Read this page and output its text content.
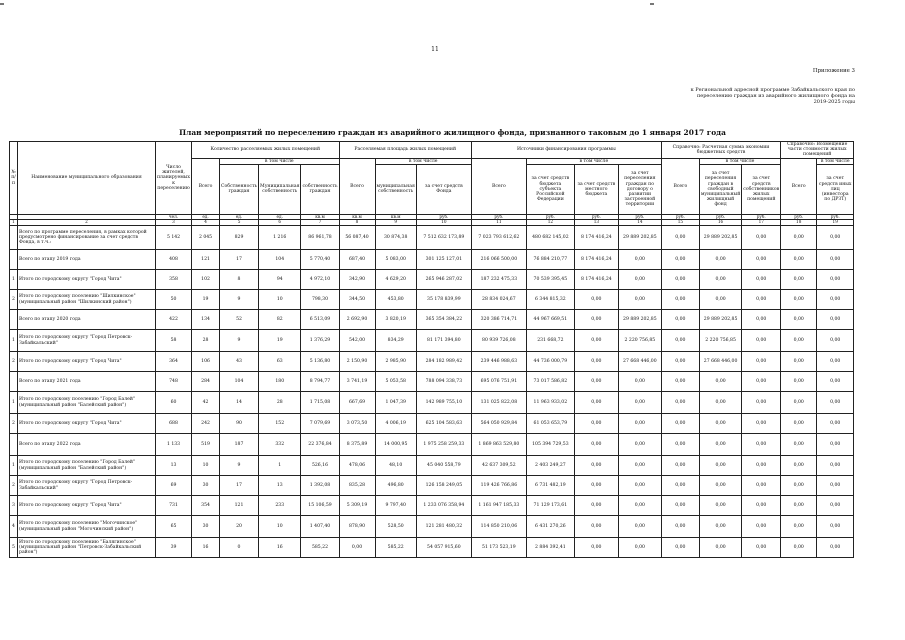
11
Приложение 3
к Региональной адресной программе Забайкальского края по переселению граждан из аварийного жилищного фонда на 2019-2025 годы
План мероприятий по переселению граждан из аварийного жилищного фонда, признанного таковым до 1 января 2017 года
№ п/п	Наименование муниципального образования	Число жителей, планируемых к переселению	Количество расселяемых жилых помещений				Расселяемая площадь жилых помещений			Источники финансирования программы				Справочно: Расчетная сумма экономии бюджетных средств			Справочно: Возмещение части стоимости жилых помещений	
			Всего	в том числе			Всего	в том числе		Всего	в том числе			Всего	в том числе		Всего	в том числе
				Собственность граждан	Муниципальная собственность	собственность граждан		муниципальная собственность	за счет средств Фонда		за счет средств бюджета субъекта Российской Федерации	за счет средств местного бюджета	за счет переселения граждан по договору о развитии застроенной территории		за счет переселения граждан в свободный муниципальный жилищный фонд	за счет средств собственников жилых помещений		за счет средств иных лиц (инвестора по ДРЗТ)
		чел.	ед.	ед.	ед.	кв.м	кв.м	кв.м	руб.	руб.	руб.	руб.	руб.	руб.	руб.	руб.	руб.	руб.
1	2	3	4	5	6	7	8	9	10	11	12	13	14	15	16	17	18	19
	Всего по программе переселения, в рамках которой предусмотрено финансирование за счет средств Фонда, в т.ч.:	5 142	2 045	829	1 216	86 961,78	56 087,40	30 874,38	7 512 632 173,89	7 023 793 612,62	480 682 145,02	8 174 416,24	29 889 202,85	0,00	29 889 202,85	0,00	0,00	0,00
	Всего по этапу 2019 года	408	121	17	104	5 770,40	687,40	5 083,00	301 125 127,01	216 066 500,00	76 884 210,77	8 174 416,24	0,00	0,00	0,00	0,00	0,00	0,00
1	Итого по городскому округу "Город Чита"	358	102	8	94	4 972,10	342,90	4 629,20	265 946 287,02	187 232 475,33	70 539 395,45	8 174 416,24	0,00	0,00	0,00	0,00	0,00	0,00
2	Итого по городскому поселению "Шилкинское" (муниципальный район "Шилкинский район")	50	19	9	10	798,30	344,50	453,80	35 178 839,99	28 834 024,67	6 344 815,32	0,00	0,00	0,00	0,00	0,00	0,00	0,00
	Всего по этапу 2020 года	422	134	52	82	6 513,09	2 692,90	3 820,19	365 354 384,22	320 386 714,71	44 967 669,51	0,00	29 889 202,85	0,00	29 889 202,85	0,00	0,00	0,00
1	Итого по городскому округу "Город Петровск-Забайкальский"	58	28	9	19	1 376,29	542,00	834,29	81 171 394,80	80 939 726,08	231 668,72	0,00	2 220 756,85	0,00	2 220 756,85	0,00	0,00	0,00
2	Итого по городскому округу "Город Чита"	364	106	43	63	5 136,80	2 150,90	2 985,90	284 182 989,42	239 446 988,63	44 736 000,79	0,00	27 668 446,00	0,00	27 668 446,00	0,00	0,00	0,00
	Всего по этапу 2021 года	748	284	104	180	8 794,77	3 741,19	5 053,58	788 094 338,73	695 076 751,91	73 017 586,82	0,00	0,00	0,00	0,00	0,00	0,00	0,00
1	Итого по городскому поселению "Город Балей" (муниципальный район "Балейский район")	60	42	14	28	1 715,08	667,69	1 047,39	142 989 755,10	131 025 822,08	11 963 933,02	0,00	0,00	0,00	0,00	0,00	0,00	0,00
2	Итого по городскому округу "Город Чита"	688	242	90	152	7 079,69	3 073,50	4 006,19	625 104 583,63	564 050 929,84	61 053 653,79	0,00	0,00	0,00	0,00	0,00	0,00	0,00
	Всего по этапу 2022 года	1 133	519	187	332	22 376,84	8 375,89	14 000,95	1 975 258 259,33	1 869 863 529,80	105 394 729,53	0,00	0,00	0,00	0,00	0,00	0,00	0,00
1	Итого по городскому поселению "Город Балей" (муниципальный район "Балейский район")	13	10	9	1	526,16	478,06	48,10	45 040 558,79	42 637 309,52	2 403 249,27	0,00	0,00	0,00	0,00	0,00	0,00	0,00
2	Итого по городскому округу "Город Петровск-Забайкальский"	69	30	17	13	1 392,08	835,28	496,80	126 158 249,05	119 426 766,86	6 731 482,19	0,00	0,00	0,00	0,00	0,00	0,00	0,00
3	Итого по городскому округу "Город Чита"	731	354	121	233	15 106,59	5 309,19	9 797,40	1 233 076 358,94	1 161 947 185,33	71 129 173,61	0,00	0,00	0,00	0,00	0,00	0,00	0,00
4	Итого по городскому поселению "Могочинское" (муниципальный район "Могочинский район")	65	30	20	10	1 407,40	878,90	528,50	121 281 480,32	114 850 210,06	6 431 270,26	0,00	0,00	0,00	0,00	0,00	0,00	0,00
5	Итого по городскому поселению "Балягинское" (муниципальный район "Петровск-Забайкальский район")	39	16	0	16	585,22	0,00	585,22	54 057 915,60	51 173 523,19	2 884 392,41	0,00	0,00	0,00	0,00	0,00	0,00	0,00
